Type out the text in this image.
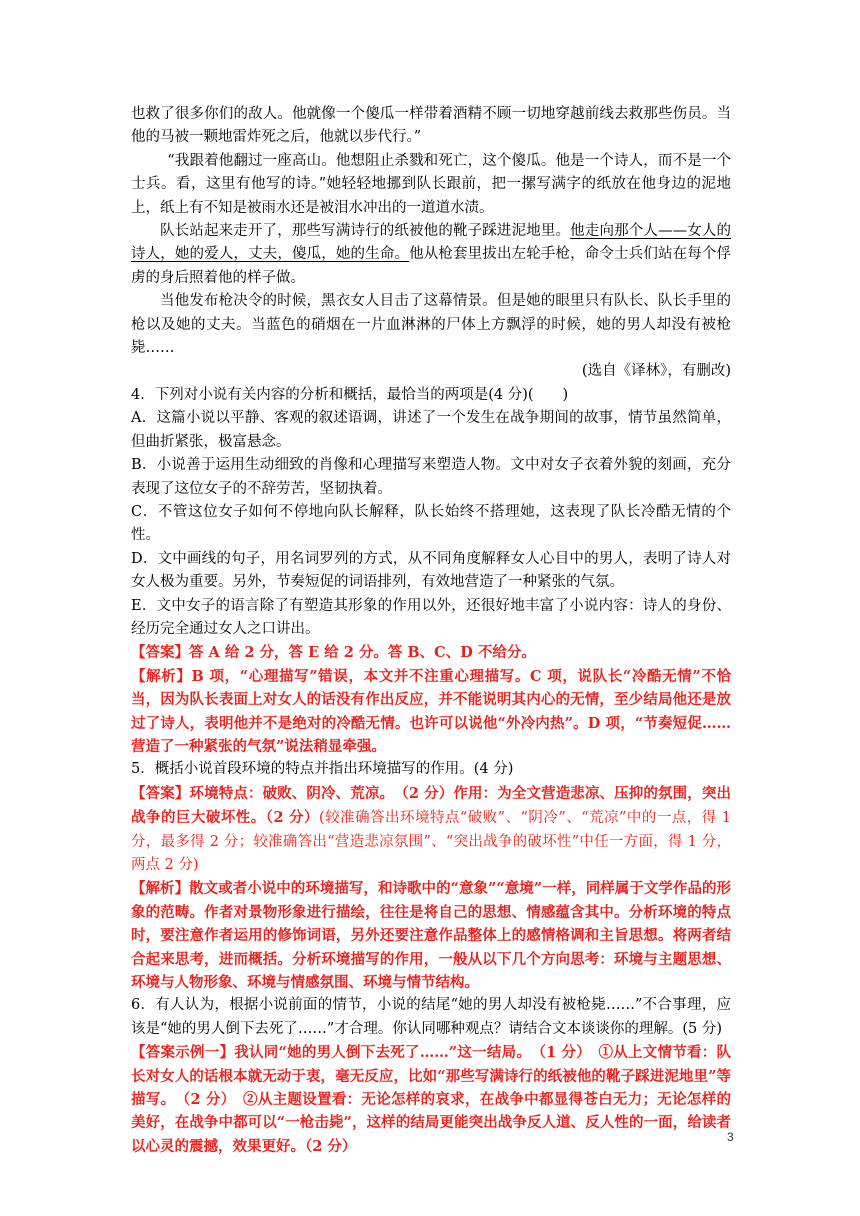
也救了很多你们的敌人。他就像一个傻瓜一样带着酒精不顾一切地穿越前线去救那些伤员。当他的马被一颗地雷炸死之后，他就以步代行。”

“我跟着他翻过一座高山。他想阻止杀戮和死亡，这个傻瓜。他是一个诗人，而不是一个士兵。看，这里有他写的诗。”她轻轻地挪到队长跟前，把一摞写满字的纸放在他身边的泥地上，纸上有不知是被雨水还是被泪水冲出的一道道水渍。

队长站起来走开了，那些写满诗行的纸被他的靴子踩进泥地里。他走向那个人——女人的诗人，她的爱人，丈夫，傻瓜，她的生命。他从枪套里拔出左轮手枪，命令士兵们站在每个俘虏的身后照着他的样子做。

当他发布枪决令的时候，黑衣女人目击了这幕情景。但是她的眼里只有队长、队长手里的枪以及她的丈夫。当蓝色的硝烟在一片血淋淋的尸体上方飘浮的时候，她的男人却没有被枪毙……

(选自《译林》，有删改)

4．下列对小说有关内容的分析和概括，最恰当的两项是(4 分)(　　)

A．这篇小说以平静、客观的叙述语调，讲述了一个发生在战争期间的故事，情节虽然简单，但曲折紧张，极富悬念。

B．小说善于运用生动细致的肖像和心理描写来塑造人物。文中对女子衣着外貌的刻画，充分表现了这位女子的不辞劳苦，坚韧执着。

C．不管这位女子如何不停地向队长解释，队长始终不搭理她，这表现了队长冷酷无情的个性。

D．文中画线的句子，用名词罗列的方式，从不同角度解释女人心目中的男人，表明了诗人对女人极为重要。另外，节奏短促的词语排列，有效地营造了一种紧张的气氛。

E．文中女子的语言除了有塑造其形象的作用以外，还很好地丰富了小说内容：诗人的身份、经历完全通过女人之口讲出。

【答案】答 A 给 2 分，答 E 给 2 分。答 B、C、D 不给分。

【解析】B 项，“心理描写”错误，本文并不注重心理描写。C 项，说队长“冷酷无情”不恰当，因为队长表面上对女人的话没有作出反应，并不能说明其内心的无情，至少结局他还是放过了诗人，表明他并不是绝对的冷酷无情。也许可以说他“外冷内热”。D 项，“节奏短促……营造了一种紧张的气氛”说法稍显牵强。

5．概括小说首段环境的特点并指出环境描写的作用。(4 分)

【答案】环境特点：破败、阴冷、荒凉。　（2 分）作用：为全文营造悲凉、压抑的氛围，突出战争的巨大破坏性。（2 分）(较准确答出环境特点“破败”、“阴冷”、“荒凉”中的一点，得 1 分，最多得 2 分；较准确答出“营造悲凉氛围”、“突出战争的破坏性”中任一方面，得 1 分，两点 2 分)

【解析】散文或者小说中的环境描写，和诗歌中的“意象”“意境”一样，同样属于文学作品的形象的范畴。作者对景物形象进行描绘，往往是将自己的思想、情感蕴含其中。分析环境的特点时，要注意作者运用的修饰词语，另外还要注意作品整体上的感情格调和主旨思想。将两者结合起来思考，进而概括。分析环境描写的作用，一般从以下几个方向思考：环境与主题思想、环境与人物形象、环境与情感氛围、环境与情节结构。

6．有人认为，根据小说前面的情节，小说的结尾“她的男人却没有被枪毙……”不合事理，应该是“她的男人倒下去死了……”才合理。你认同哪种观点？请结合文本谈谈你的理解。(5 分)

【答案示例一】我认同“她的男人倒下去死了……”这一结局。　（1 分）　①从上文情节看：队长对女人的话根本就无动于衷，毫无反应，比如“那些写满诗行的纸被他的靴子踩进泥地里”等描写。　（2 分）　②从主题设置看：无论怎样的哀求，在战争中都显得苍白无力；无论怎样的美好，在战争中都可以“一枪击毙”，这样的结局更能突出战争反人道、反人性的一面，给读者以心灵的震撼，效果更好。（2 分）

3
